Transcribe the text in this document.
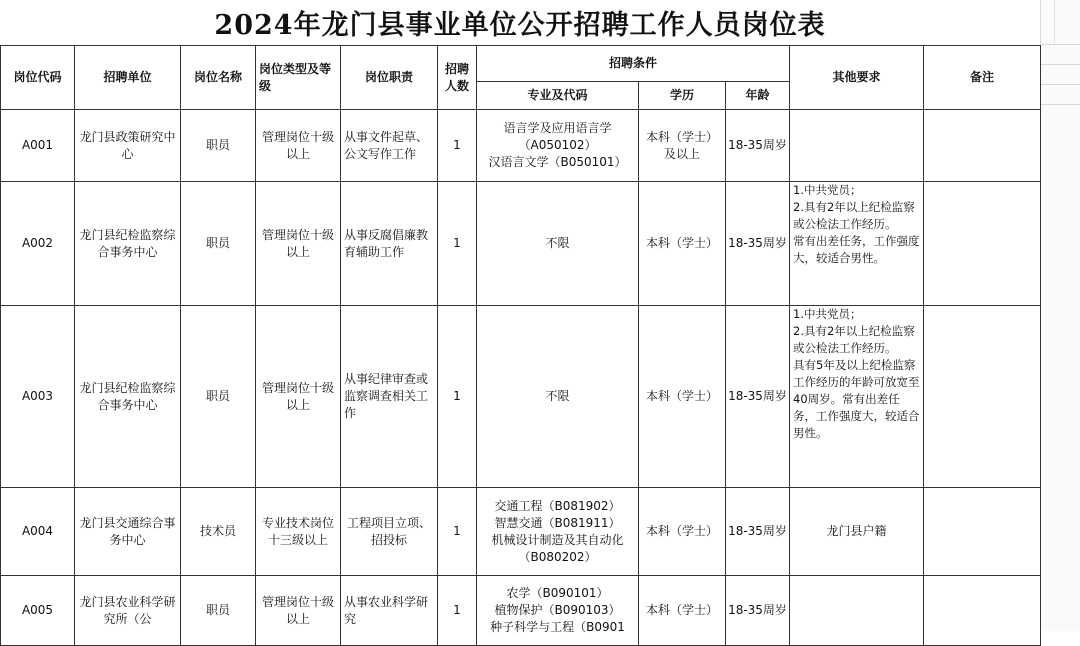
2024年龙门县事业单位公开招聘工作人员岗位表
岗位代码	招聘单位	岗位名称	岗位类型及等级	岗位职责	招聘人数	招聘条件			其他要求	备注
						专业及代码	学历	年龄		
A001	龙门县政策研究中心	职员	管理岗位十级以上	从事文件起草、公文写作工作	1	语言学及应用语言学（A050102）
汉语言文学（B050101）	本科（学士）及以上	18-35周岁		
A002	龙门县纪检监察综合事务中心	职员	管理岗位十级以上	从事反腐倡廉教育辅助工作	1	不限	本科（学士）	18-35周岁	1.中共党员；
2.具有2年以上纪检监察或公检法工作经历。
常有出差任务，工作强度大，较适合男性。	
A003	龙门县纪检监察综合事务中心	职员	管理岗位十级以上	从事纪律审查或监察调查相关工作	1	不限	本科（学士）	18-35周岁	1.中共党员；
2.具有2年以上纪检监察或公检法工作经历。
具有5年及以上纪检监察工作经历的年龄可放宽至40周岁。常有出差任务，工作强度大，较适合男性。	
A004	龙门县交通综合事务中心	技术员	专业技术岗位十三级以上	工程项目立项、招投标	1	交通工程（B081902）
智慧交通（B081911）
机械设计制造及其自动化（B080202）	本科（学士）	18-35周岁	龙门县户籍	
A005	龙门县农业科学研究所（公	职员	管理岗位十级以上	从事农业科学研究	1	农学（B090101）
植物保护（B090103）
种子科学与工程（B0901	本科（学士）	18-35周岁		
